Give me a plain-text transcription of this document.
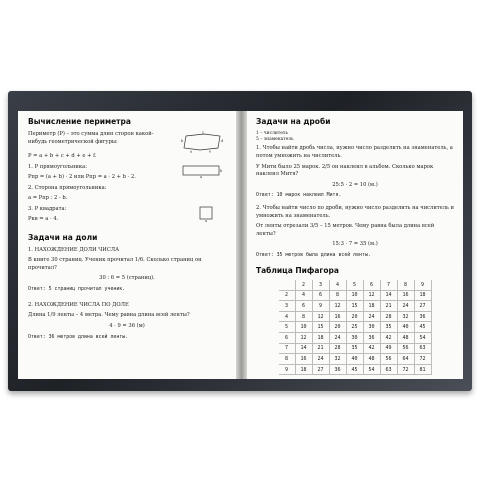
Вычисление периметра

Периметр (P) – это сумма длин сторон какой-нибудь геометрической фигуры:

c
b	d
a	e

P = a + b + c + d + e + f.

1. P прямоугольника:

Pпр = (a + b) · 2 или Pпр = a · 2 + b · 2.

b
a

2. Сторона прямоугольника:

a = Pпр : 2 - b.

3. P квадрата:

Pкв = a · 4.	a
Задачи на доли

1. НАХОЖДЕНИЕ ДОЛИ ЧИСЛА

В книге 30 страниц. Ученик прочитал 1/6. Сколько страниц он прочитал?

30 : 6 = 5 (страниц).

Ответ: 5 страниц прочитал ученик.

2. НАХОЖДЕНИЕ ЧИСЛА ПО ДОЛЕ

Длина 1/9 ленты – 4 метра. Чему равна длина всей ленты?

4 · 9 = 36 (м)

Ответ: 36 метров длина всей ленты.

Задачи на дроби

1 – числитель

5 – знаменатель

1. Чтобы найти дробь числа, нужно число разделить на знаменатель, а потом умножить на числитель.

У Мити было 25 марок. 2/5 он наклеил в альбом. Сколько марок наклеил Митя?

25:5 · 2 = 10 (м.)

Ответ: 10 марок наклеил Митя.

2. Чтобы найти число по дроби, нужно число разделить на числитель и умножить на знаменатель.

От ленты отрезали 3/5 – 15 метров. Чему равна была длина всей ленты?

15:3 · 7 = 35 (м.)

Ответ: 35 метров была длина всей ленты.

Таблица Пифагора
	2	3	4	5	6	7	8	9
2	4	6	8	10	12	14	16	18
3	6	9	12	15	18	21	24	27
4	8	12	16	20	24	28	32	36
5	10	15	20	25	30	35	40	45
6	12	18	24	30	36	42	48	54
7	14	21	28	35	42	49	56	63
8	16	24	32	40	48	56	64	72
9	18	27	36	45	54	63	72	81
